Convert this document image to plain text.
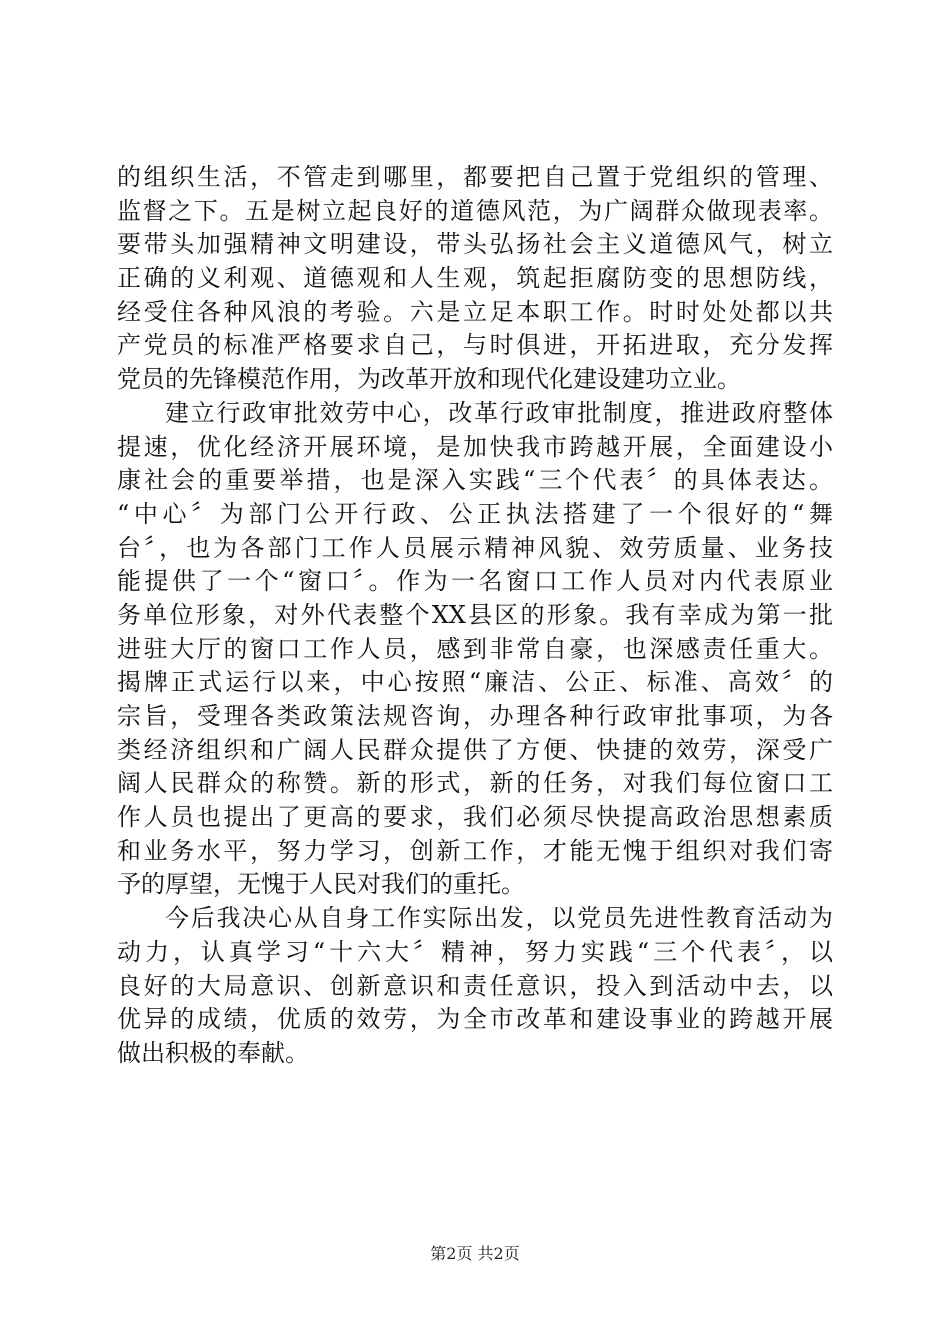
的组织生活，不管走到哪里，都要把自己置于党组织的管理、
监督之下。五是树立起良好的道德风范，为广阔群众做现表率。
要带头加强精神文明建设，带头弘扬社会主义道德风气，树立
正确的义利观、道德观和人生观，筑起拒腐防变的思想防线，
经受住各种风浪的考验。六是立足本职工作。时时处处都以共
产党员的标准严格要求自己，与时俱进，开拓进取，充分发挥
党员的先锋模范作用，为改革开放和现代化建设建功立业。
建立行政审批效劳中心，改革行政审批制度，推进政府整体
提速，优化经济开展环境，是加快我市跨越开展，全面建设小
康社会的重要举措，也是深入实践“三个代表〞的具体表达。
“中心〞为部门公开行政、公正执法搭建了一个很好的“舞
台〞，也为各部门工作人员展示精神风貌、效劳质量、业务技
能提供了一个“窗口〞。作为一名窗口工作人员对内代表原业
务单位形象，对外代表整个XX县区的形象。我有幸成为第一批
进驻大厅的窗口工作人员，感到非常自豪，也深感责任重大。
揭牌正式运行以来，中心按照“廉洁、公正、标准、高效〞的
宗旨，受理各类政策法规咨询，办理各种行政审批事项，为各
类经济组织和广阔人民群众提供了方便、快捷的效劳，深受广
阔人民群众的称赞。新的形式，新的任务，对我们每位窗口工
作人员也提出了更高的要求，我们必须尽快提高政治思想素质
和业务水平，努力学习，创新工作，才能无愧于组织对我们寄
予的厚望，无愧于人民对我们的重托。
今后我决心从自身工作实际出发，以党员先进性教育活动为
动力，认真学习“十六大〞精神，努力实践“三个代表〞，以
良好的大局意识、创新意识和责任意识，投入到活动中去，以
优异的成绩，优质的效劳，为全市改革和建设事业的跨越开展
做出积极的奉献。
第2页 共2页
